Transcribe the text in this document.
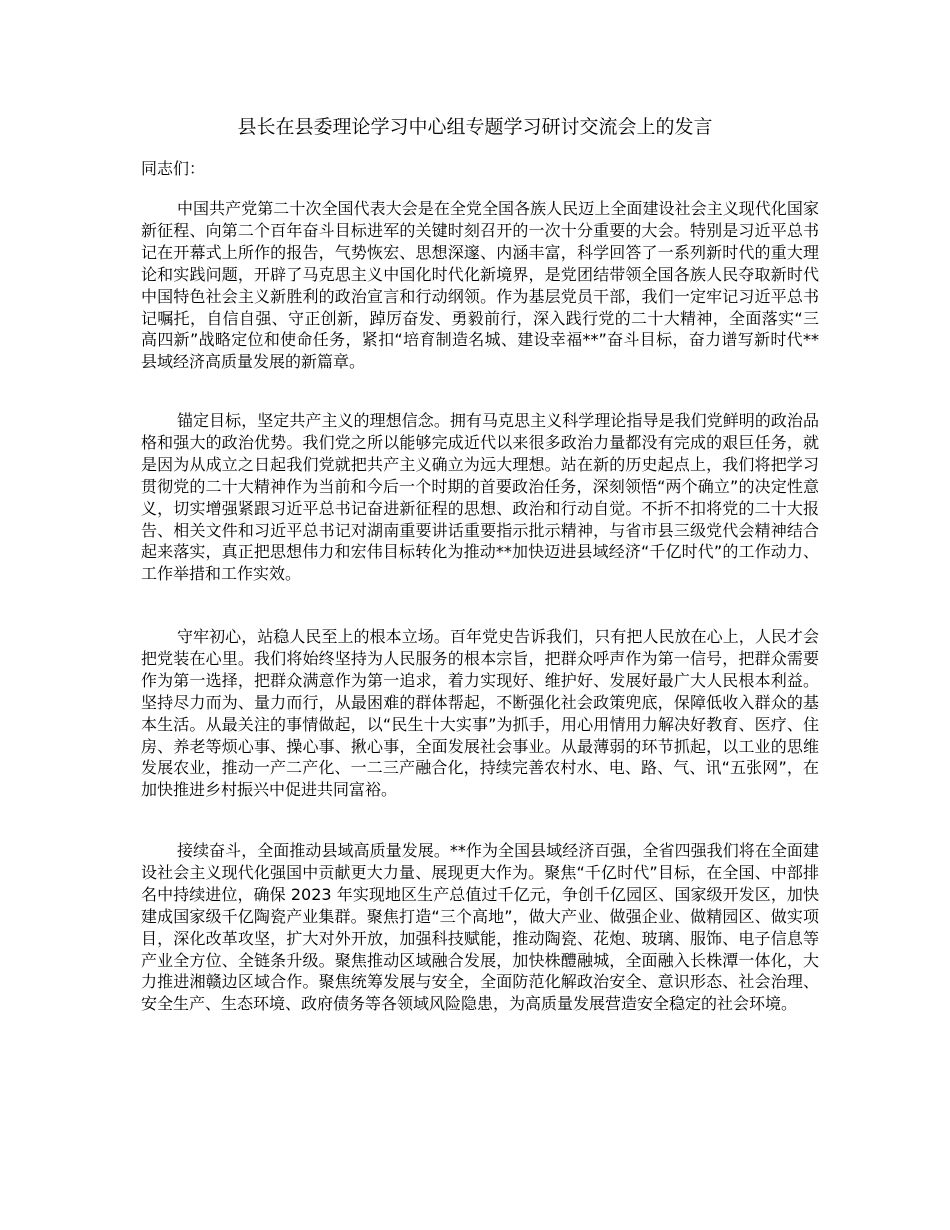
县长在县委理论学习中心组专题学习研讨交流会上的发言

同志们：

中国共产党第二十次全国代表大会是在全党全国各族人民迈上全面建设社会主义现代化国家新征程、向第二个百年奋斗目标进军的关键时刻召开的一次十分重要的大会。特别是习近平总书记在开幕式上所作的报告，气势恢宏、思想深邃、内涵丰富，科学回答了一系列新时代的重大理论和实践问题，开辟了马克思主义中国化时代化新境界，是党团结带领全国各族人民夺取新时代中国特色社会主义新胜利的政治宣言和行动纲领。作为基层党员干部，我们一定牢记习近平总书记嘱托，自信自强、守正创新，踔厉奋发、勇毅前行，深入践行党的二十大精神，全面落实“三高四新”战略定位和使命任务，紧扣“培育制造名城、建设幸福**”奋斗目标，奋力谱写新时代**县域经济高质量发展的新篇章。

锚定目标，坚定共产主义的理想信念。拥有马克思主义科学理论指导是我们党鲜明的政治品格和强大的政治优势。我们党之所以能够完成近代以来很多政治力量都没有完成的艰巨任务，就是因为从成立之日起我们党就把共产主义确立为远大理想。站在新的历史起点上，我们将把学习贯彻党的二十大精神作为当前和今后一个时期的首要政治任务，深刻领悟“两个确立”的决定性意义，切实增强紧跟习近平总书记奋进新征程的思想、政治和行动自觉。不折不扣将党的二十大报告、相关文件和习近平总书记对湖南重要讲话重要指示批示精神，与省市县三级党代会精神结合起来落实，真正把思想伟力和宏伟目标转化为推动**加快迈进县域经济“千亿时代”的工作动力、工作举措和工作实效。

守牢初心，站稳人民至上的根本立场。百年党史告诉我们，只有把人民放在心上，人民才会把党装在心里。我们将始终坚持为人民服务的根本宗旨，把群众呼声作为第一信号，把群众需要作为第一选择，把群众满意作为第一追求，着力实现好、维护好、发展好最广大人民根本利益。坚持尽力而为、量力而行，从最困难的群体帮起，不断强化社会政策兜底，保障低收入群众的基本生活。从最关注的事情做起，以“民生十大实事”为抓手，用心用情用力解决好教育、医疗、住房、养老等烦心事、操心事、揪心事，全面发展社会事业。从最薄弱的环节抓起，以工业的思维发展农业，推动一产二产化、一二三产融合化，持续完善农村水、电、路、气、讯“五张网”，在加快推进乡村振兴中促进共同富裕。

接续奋斗，全面推动县域高质量发展。**作为全国县域经济百强，全省四强我们将在全面建设社会主义现代化强国中贡献更大力量、展现更大作为。聚焦“千亿时代”目标，在全国、中部排名中持续进位，确保 2023 年实现地区生产总值过千亿元，争创千亿园区、国家级开发区，加快建成国家级千亿陶瓷产业集群。聚焦打造“三个高地”，做大产业、做强企业、做精园区、做实项目，深化改革攻坚，扩大对外开放，加强科技赋能，推动陶瓷、花炮、玻璃、服饰、电子信息等产业全方位、全链条升级。聚焦推动区域融合发展，加快株醴融城，全面融入长株潭一体化，大力推进湘赣边区域合作。聚焦统筹发展与安全，全面防范化解政治安全、意识形态、社会治理、安全生产、生态环境、政府债务等各领域风险隐患，为高质量发展营造安全稳定的社会环境。
